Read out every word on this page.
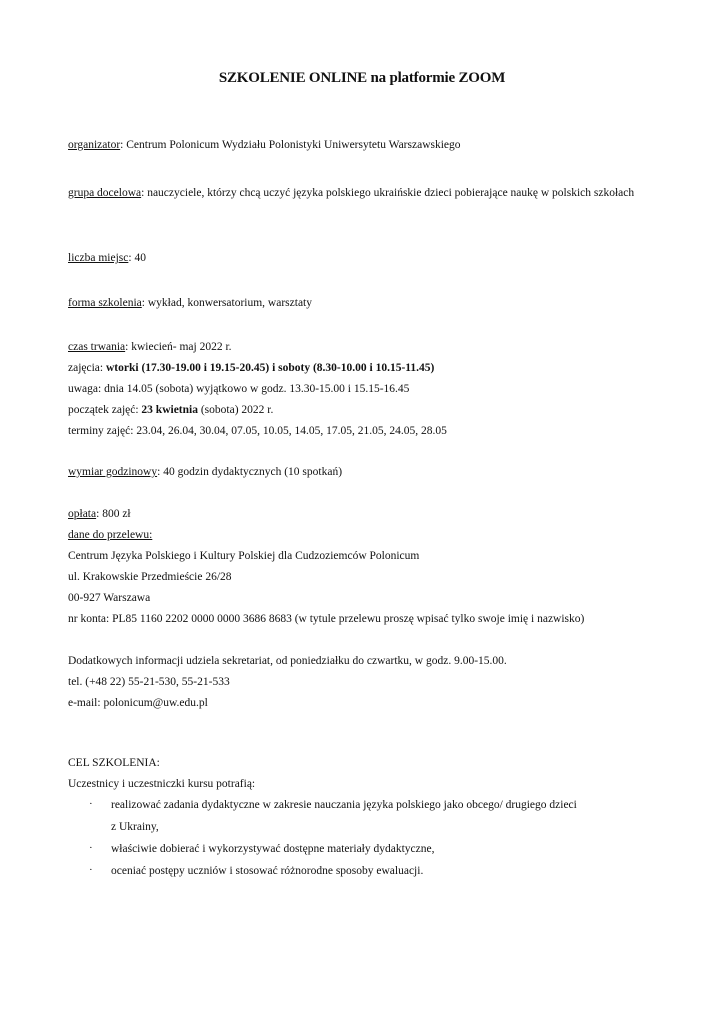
SZKOLENIE ONLINE na platformie ZOOM
organizator: Centrum Polonicum Wydziału Polonistyki Uniwersytetu Warszawskiego
grupa docelowa: nauczyciele, którzy chcą uczyć języka polskiego ukraińskie dzieci pobierające naukę w polskich szkołach
liczba miejsc: 40
forma szkolenia: wykład, konwersatorium, warsztaty
czas trwania: kwiecień- maj 2022 r.
zajęcia: wtorki (17.30-19.00 i 19.15-20.45) i soboty (8.30-10.00 i 10.15-11.45)
uwaga: dnia 14.05 (sobota) wyjątkowo w godz. 13.30-15.00 i 15.15-16.45
początek zajęć: 23 kwietnia (sobota) 2022 r.
terminy zajęć: 23.04, 26.04, 30.04, 07.05, 10.05, 14.05, 17.05, 21.05, 24.05, 28.05
wymiar godzinowy: 40 godzin dydaktycznych (10 spotkań)
opłata: 800 zł
dane do przelewu:
Centrum Języka Polskiego i Kultury Polskiej dla Cudzoziemców Polonicum
ul. Krakowskie Przedmieście 26/28
00-927 Warszawa
nr konta: PL85 1160 2202 0000 0000 3686 8683 (w tytule przelewu proszę wpisać tylko swoje imię i nazwisko)
Dodatkowych informacji udziela sekretariat, od poniedziałku do czwartku, w godz. 9.00-15.00.
tel. (+48 22) 55-21-530, 55-21-533
e-mail: polonicum@uw.edu.pl
CEL SZKOLENIA:
Uczestnicy i uczestniczki kursu potrafią:
· realizować zadania dydaktyczne w zakresie nauczania języka polskiego jako obcego/ drugiego dzieci
z Ukrainy,
· właściwie dobierać i wykorzystywać dostępne materiały dydaktyczne,
· oceniać postępy uczniów i stosować różnorodne sposoby ewaluacji.
